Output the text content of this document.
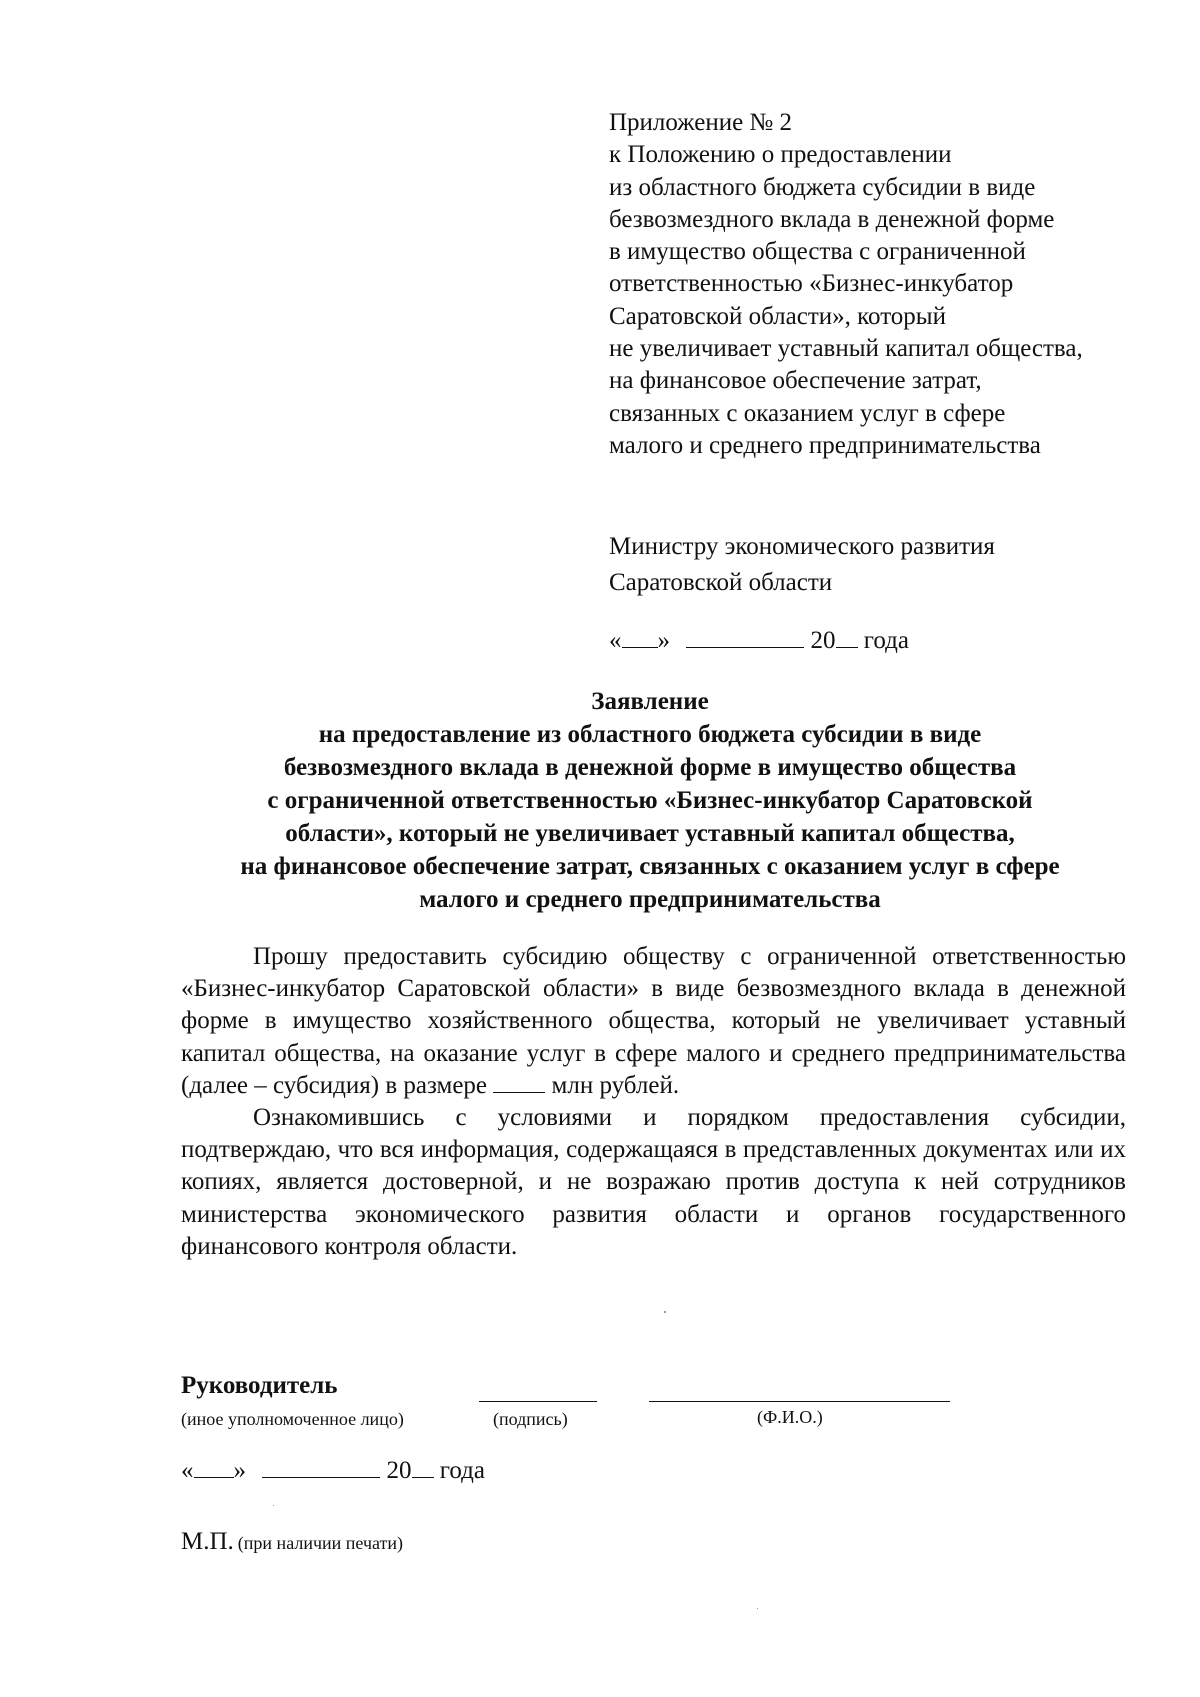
Приложение № 2
к Положению о предоставлении
из областного бюджета субсидии в виде
безвозмездного вклада в денежной форме
в имущество общества с ограниченной
ответственностью «Бизнес-инкубатор
Саратовской области», который
не увеличивает уставный капитал общества,
на финансовое обеспечение затрат,
связанных с оказанием услуг в сфере
малого и среднего предпринимательства
Министру экономического развития
Саратовской области
« »	20 года
Заявление
на предоставление из областного бюджета субсидии в виде
безвозмездного вклада в денежной форме в имущество общества
с ограниченной ответственностью «Бизнес-инкубатор Саратовской
области», который не увеличивает уставный капитал общества,
на финансовое обеспечение затрат, связанных с оказанием услуг в сфере
малого и среднего предпринимательства

Прошу предоставить субсидию обществу с ограниченной ответственностью «Бизнес-инкубатор Саратовской области» в виде безвозмездного вклада в денежной форме в имущество хозяйственного общества, который не увеличивает уставный капитал общества, на оказание услуг в сфере малого и среднего предпринимательства (далее – субсидия) в размере	млн рублей.

Ознакомившись с условиями и порядком предоставления субсидии, подтверждаю, что вся информация, содержащаяся в представленных документах или их копиях, является достоверной, и не возражаю против доступа к ней сотрудников министерства экономического развития области и органов государственного финансового контроля области.

Руководитель
(иное уполномоченное лицо)	(подпись)	(Ф.И.О.)
« »	20 года
М.П. (при наличии печати)
